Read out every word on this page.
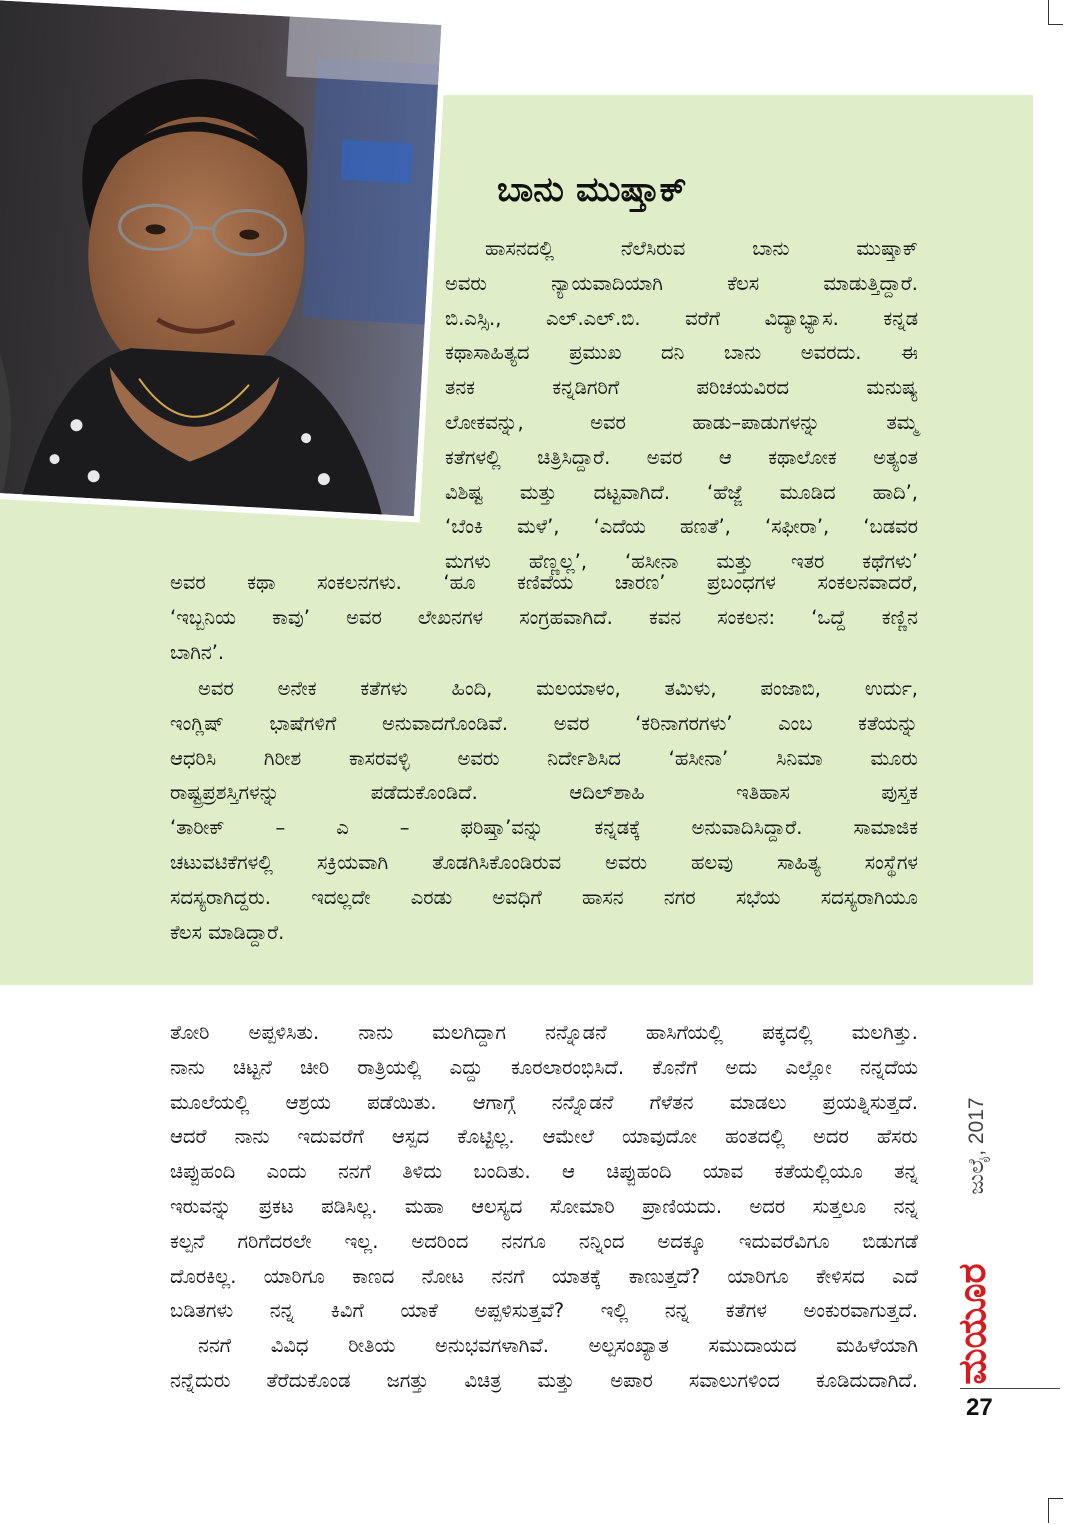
ಬಾನು ಮುಷ್ತಾಕ್
ಹಾಸನದಲ್ಲಿ ನೆಲೆಸಿರುವ ಬಾನು ಮುಷ್ತಾಕ್
ಅವರು ನ್ಯಾಯವಾದಿಯಾಗಿ ಕೆಲಸ ಮಾಡುತ್ತಿದ್ದಾರೆ.
ಬಿ.ಎಸ್ಸಿ., ಎಲ್.ಎಲ್.ಬಿ. ವರೆಗೆ ವಿದ್ಯಾಭ್ಯಾಸ. ಕನ್ನಡ
ಕಥಾಸಾಹಿತ್ಯದ ಪ್ರಮುಖ ದನಿ ಬಾನು ಅವರದು. ಈ
ತನಕ ಕನ್ನಡಿಗರಿಗೆ ಪರಿಚಯವಿರದ ಮನುಷ್ಯ
ಲೋಕವನ್ನು, ಅವರ ಹಾಡು–ಪಾಡುಗಳನ್ನು ತಮ್ಮ
ಕತೆಗಳಲ್ಲಿ ಚಿತ್ರಿಸಿದ್ದಾರೆ. ಅವರ ಆ ಕಥಾಲೋಕ ಅತ್ಯಂತ
ವಿಶಿಷ್ಟ ಮತ್ತು ದಟ್ಟವಾಗಿದೆ. ‘ಹೆಜ್ಜೆ ಮೂಡಿದ ಹಾದಿ’,
‘ಬೆಂಕಿ ಮಳೆ’, ‘ಎದೆಯ ಹಣತೆ’, ‘ಸಫೀರಾ’, ‘ಬಡವರ
ಮಗಳು ಹೆಣ್ಣಲ್ಲ’, ‘ಹಸೀನಾ ಮತ್ತು ಇತರ ಕಥೆಗಳು’
ಅವರ ಕಥಾ ಸಂಕಲನಗಳು. ‘ಹೂ ಕಣಿವೆಯ ಚಾರಣ’ ಪ್ರಬಂಧಗಳ ಸಂಕಲನವಾದರೆ,
‘ಇಬ್ಬನಿಯ ಕಾವು’ ಅವರ ಲೇಖನಗಳ ಸಂಗ್ರಹವಾಗಿದೆ. ಕವನ ಸಂಕಲನ: ‘ಒದ್ದೆ ಕಣ್ಣಿನ
ಬಾಗಿನ’.
ಅವರ ಅನೇಕ ಕತೆಗಳು ಹಿಂದಿ, ಮಲಯಾಳಂ, ತಮಿಳು, ಪಂಜಾಬಿ, ಉರ್ದು,
ಇಂಗ್ಲಿಷ್ ಭಾಷೆಗಳಿಗೆ ಅನುವಾದಗೊಂಡಿವೆ. ಅವರ ‘ಕರಿನಾಗರಗಳು’ ಎಂಬ ಕತೆಯನ್ನು
ಆಧರಿಸಿ ಗಿರೀಶ ಕಾಸರವಳ್ಳಿ ಅವರು ನಿರ್ದೇಶಿಸಿದ ‘ಹಸೀನಾ’ ಸಿನಿಮಾ ಮೂರು
ರಾಷ್ಟ್ರಪ್ರಶಸ್ತಿಗಳನ್ನು ಪಡೆದುಕೊಂಡಿದೆ. ಆದಿಲ್‌ಶಾಹಿ ಇತಿಹಾಸ ಪುಸ್ತಕ
‘ತಾರೀಕ್ – ಎ – ಫರಿಷ್ತಾ’ವನ್ನು ಕನ್ನಡಕ್ಕೆ ಅನುವಾದಿಸಿದ್ದಾರೆ. ಸಾಮಾಜಿಕ
ಚಟುವಟಿಕೆಗಳಲ್ಲಿ ಸಕ್ರಿಯವಾಗಿ ತೊಡಗಿಸಿಕೊಂಡಿರುವ ಅವರು ಹಲವು ಸಾಹಿತ್ಯ ಸಂಸ್ಥೆಗಳ
ಸದಸ್ಯರಾಗಿದ್ದರು. ಇದಲ್ಲದೇ ಎರಡು ಅವಧಿಗೆ ಹಾಸನ ನಗರ ಸಭೆಯ ಸದಸ್ಯರಾಗಿಯೂ
ಕೆಲಸ ಮಾಡಿದ್ದಾರೆ.
ತೋರಿ ಅಪ್ಪಳಿಸಿತು. ನಾನು ಮಲಗಿದ್ದಾಗ ನನ್ನೊಡನೆ ಹಾಸಿಗೆಯಲ್ಲಿ ಪಕ್ಕದಲ್ಲಿ ಮಲಗಿತ್ತು.
ನಾನು ಚಿಟ್ಟನೆ ಚೀರಿ ರಾತ್ರಿಯಲ್ಲಿ ಎದ್ದು ಕೂರಲಾರಂಭಿಸಿದೆ. ಕೊನೆಗೆ ಅದು ಎಲ್ಲೋ ನನ್ನದೆಯ
ಮೂಲೆಯಲ್ಲಿ ಆಶ್ರಯ ಪಡೆಯಿತು. ಆಗಾಗ್ಗೆ ನನ್ನೊಡನೆ ಗೆಳೆತನ ಮಾಡಲು ಪ್ರಯತ್ನಿಸುತ್ತದೆ.
ಆದರೆ ನಾನು ಇದುವರೆಗೆ ಆಸ್ಪದ ಕೊಟ್ಟಿಲ್ಲ. ಆಮೇಲೆ ಯಾವುದೋ ಹಂತದಲ್ಲಿ ಅದರ ಹೆಸರು
ಚಿಪ್ಪುಹಂದಿ ಎಂದು ನನಗೆ ತಿಳಿದು ಬಂದಿತು. ಆ ಚಿಪ್ಪುಹಂದಿ ಯಾವ ಕತೆಯಲ್ಲಿಯೂ ತನ್ನ
ಇರುವನ್ನು ಪ್ರಕಟ ಪಡಿಸಿಲ್ಲ. ಮಹಾ ಆಲಸ್ಯದ ಸೋಮಾರಿ ಪ್ರಾಣಿಯದು. ಅದರ ಸುತ್ತಲೂ ನನ್ನ
ಕಲ್ಪನೆ ಗರಿಗೆದರಲೇ ಇಲ್ಲ. ಅದರಿಂದ ನನಗೂ ನನ್ನಿಂದ ಅದಕ್ಕೂ ಇದುವರೆವಿಗೂ ಬಿಡುಗಡೆ
ದೊರಕಿಲ್ಲ. ಯಾರಿಗೂ ಕಾಣದ ನೋಟ ನನಗೆ ಯಾತಕ್ಕೆ ಕಾಣುತ್ತದೆ? ಯಾರಿಗೂ ಕೇಳಿಸದ ಎದೆ
ಬಡಿತಗಳು ನನ್ನ ಕಿವಿಗೆ ಯಾಕೆ ಅಪ್ಪಳಿಸುತ್ತವೆ? ಇಲ್ಲಿ ನನ್ನ ಕತೆಗಳ ಅಂಕುರವಾಗುತ್ತದೆ.
ನನಗೆ ವಿವಿಧ ರೀತಿಯ ಅನುಭವಗಳಾಗಿವೆ. ಅಲ್ಪಸಂಖ್ಯಾತ ಸಮುದಾಯದ ಮಹಿಳೆಯಾಗಿ
ನನ್ನೆದುರು ತೆರೆದುಕೊಂಡ ಜಗತ್ತು ವಿಚಿತ್ರ ಮತ್ತು ಅಪಾರ ಸವಾಲುಗಳಿಂದ ಕೂಡಿದುದಾಗಿದೆ.
ಜುಲೈ, 2017
ಮಯೂರ
27
